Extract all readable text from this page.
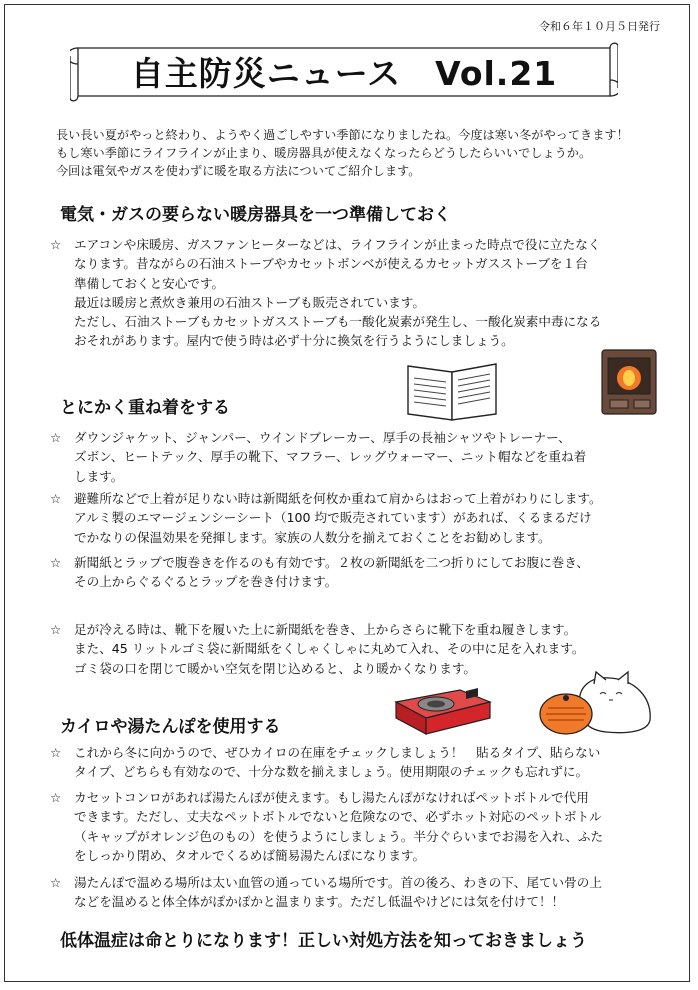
令和６年１０月５日発行
自主防災ニュース　Vol.21
長い長い夏がやっと終わり、ようやく過ごしやすい季節になりましたね。今度は寒い冬がやってきます！
もし寒い季節にライフラインが止まり、暖房器具が使えなくなったらどうしたらいいでしょうか。
今回は電気やガスを使わずに暖を取る方法についてご紹介します。
電気・ガスの要らない暖房器具を一つ準備しておく
☆ エアコンや床暖房、ガスファンヒーターなどは、ライフラインが止まった時点で役に立たなく
なります。昔ながらの石油ストーブやカセットボンベが使えるカセットガスストーブを１台
準備しておくと安心です。
最近は暖房と煮炊き兼用の石油ストーブも販売されています。
ただし、石油ストーブもカセットガスストーブも一酸化炭素が発生し、一酸化炭素中毒になる
おそれがあります。屋内で使う時は必ず十分に換気を行うようにしましょう。
とにかく重ね着をする
☆ ダウンジャケット、ジャンパー、ウインドブレーカー、厚手の長袖シャツやトレーナー、
ズボン、ヒートテック、厚手の靴下、マフラー、レッグウォーマー、ニット帽などを重ね着
します。
☆ 避難所などで上着が足りない時は新聞紙を何枚か重ねて肩からはおって上着がわりにします。
アルミ製のエマージェンシーシート（100 均で販売されています）があれば、くるまるだけ
でかなりの保温効果を発揮します。家族の人数分を揃えておくことをお勧めします。
☆ 新聞紙とラップで腹巻きを作るのも有効です。２枚の新聞紙を二つ折りにしてお腹に巻き、
その上からぐるぐるとラップを巻き付けます。
☆ 足が冷える時は、靴下を履いた上に新聞紙を巻き、上からさらに靴下を重ね履きします。
また、45 リットルゴミ袋に新聞紙をくしゃくしゃに丸めて入れ、その中に足を入れます。
ゴミ袋の口を閉じて暖かい空気を閉じ込めると、より暖かくなります。
カイロや湯たんぽを使用する
☆ これから冬に向かうので、ぜひカイロの在庫をチェックしましょう！　貼るタイプ、貼らない
タイプ、どちらも有効なので、十分な数を揃えましょう。使用期限のチェックも忘れずに。
☆ カセットコンロがあれば湯たんぽが使えます。もし湯たんぽがなければペットボトルで代用
できます。ただし、丈夫なペットボトルでないと危険なので、必ずホット対応のペットボトル
（キャップがオレンジ色のもの）を使うようにしましょう。半分ぐらいまでお湯を入れ、ふた
をしっかり閉め、タオルでくるめば簡易湯たんぽになります。
☆ 湯たんぽで温める場所は太い血管の通っている場所です。首の後ろ、わきの下、尾てい骨の上
などを温めると体全体がぽかぽかと温まります。ただし低温やけどには気を付けて！！
低体温症は命とりになります！正しい対処方法を知っておきましょう
